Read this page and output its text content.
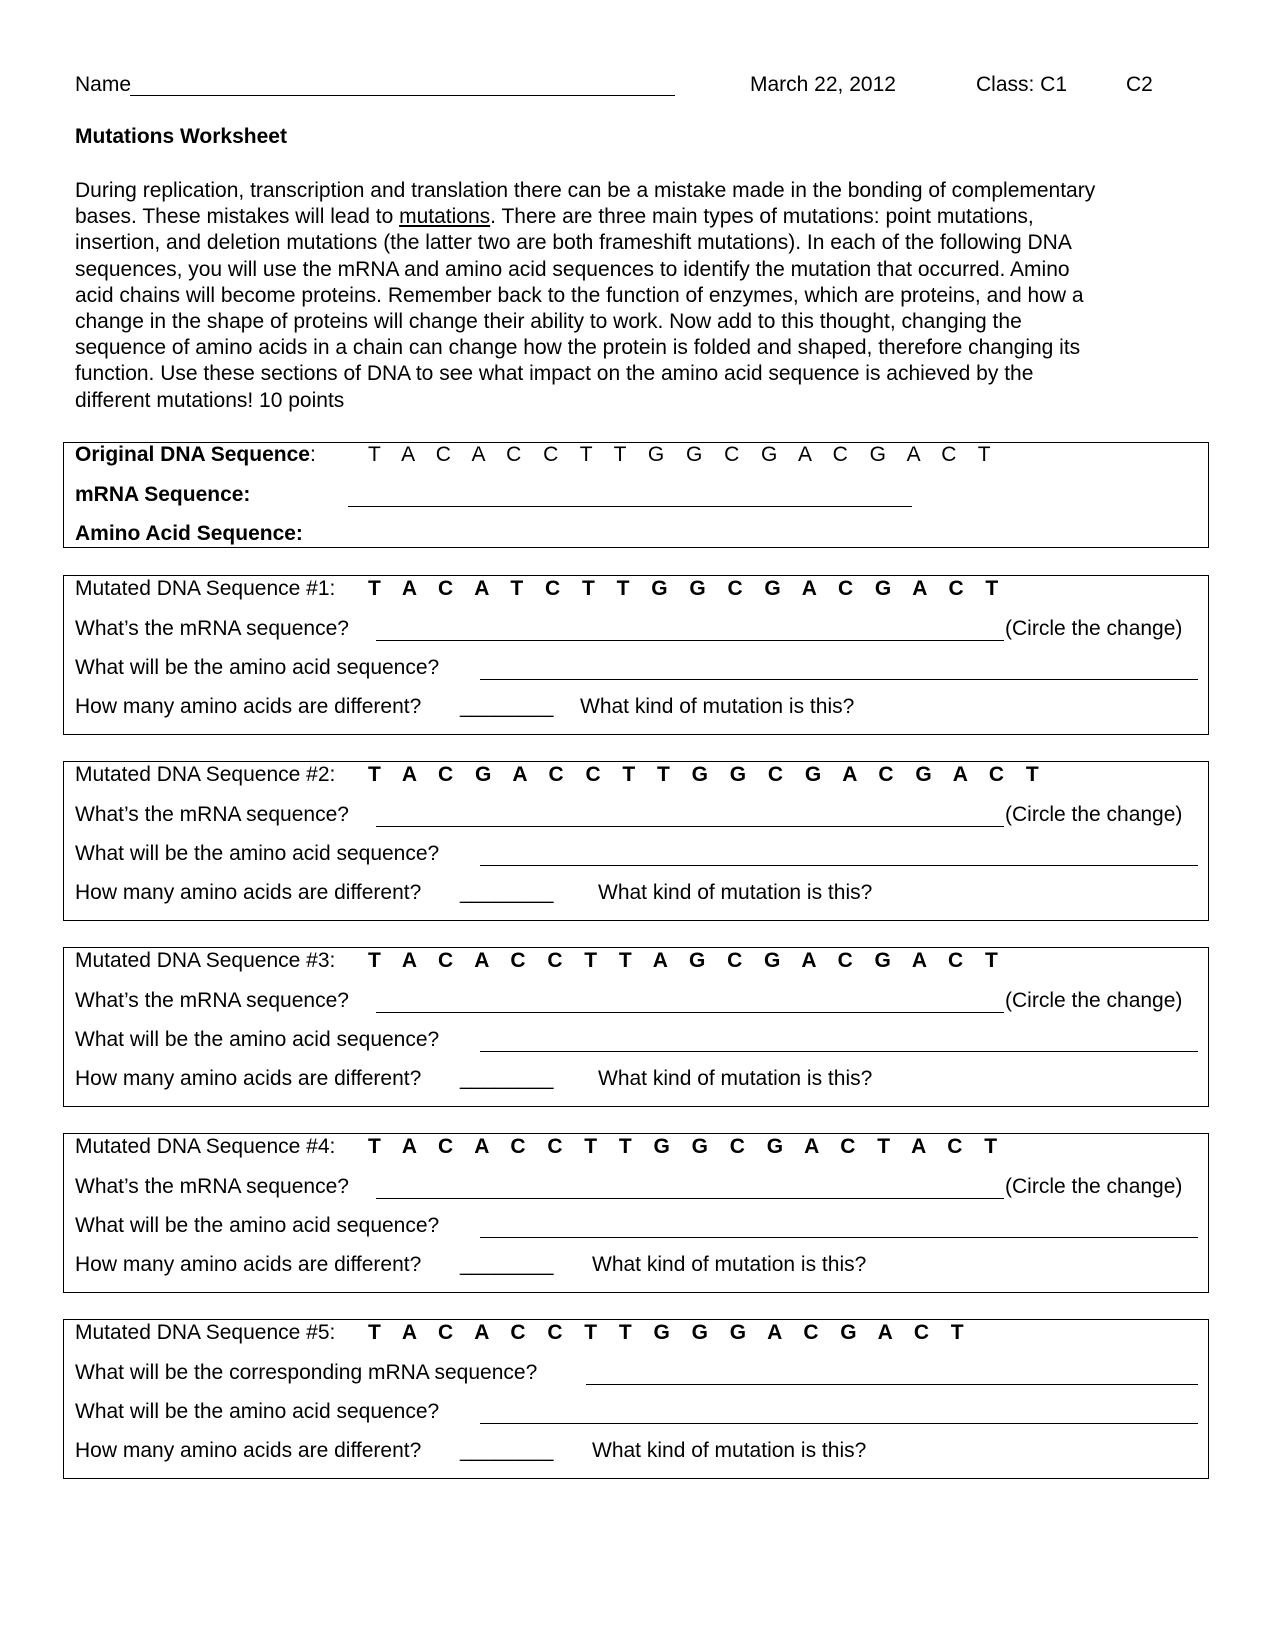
Name	March 22, 2012	Class: C1	C2
Mutations Worksheet
During replication, transcription and translation there can be a mistake made in the bonding of complementary
bases. These mistakes will lead to mutations. There are three main types of mutations: point mutations,
insertion, and deletion mutations (the latter two are both frameshift mutations). In each of the following DNA
sequences, you will use the mRNA and amino acid sequences to identify the mutation that occurred. Amino
acid chains will become proteins. Remember back to the function of enzymes, which are proteins, and how a
change in the shape of proteins will change their ability to work. Now add to this thought, changing the
sequence of amino acids in a chain can change how the protein is folded and shaped, therefore changing its
function. Use these sections of DNA to see what impact on the amino acid sequence is achieved by the
different mutations! 10 points
Original DNA Sequence: T A C A C C T T G G C G A C G A C T
mRNA Sequence:
Amino Acid Sequence:
Mutated DNA Sequence #1: T A C A T C T T G G C G A C G A C T
What’s the mRNA sequence?	(Circle the change)
What will be the amino acid sequence?
How many amino acids are different? ________ What kind of mutation is this?
Mutated DNA Sequence #2: T A C G A C C T T G G C G A C G A C T
What’s the mRNA sequence?	(Circle the change)
What will be the amino acid sequence?
How many amino acids are different? ________ What kind of mutation is this?
Mutated DNA Sequence #3: T A C A C C T T A G C G A C G A C T
What’s the mRNA sequence?	(Circle the change)
What will be the amino acid sequence?
How many amino acids are different? ________ What kind of mutation is this?
Mutated DNA Sequence #4: T A C A C C T T G G C G A C T A C T
What’s the mRNA sequence?	(Circle the change)
What will be the amino acid sequence?
How many amino acids are different? ________ What kind of mutation is this?
Mutated DNA Sequence #5: T A C A C C T T G G G A C G A C T
What will be the corresponding mRNA sequence?
What will be the amino acid sequence?
How many amino acids are different? ________ What kind of mutation is this?
